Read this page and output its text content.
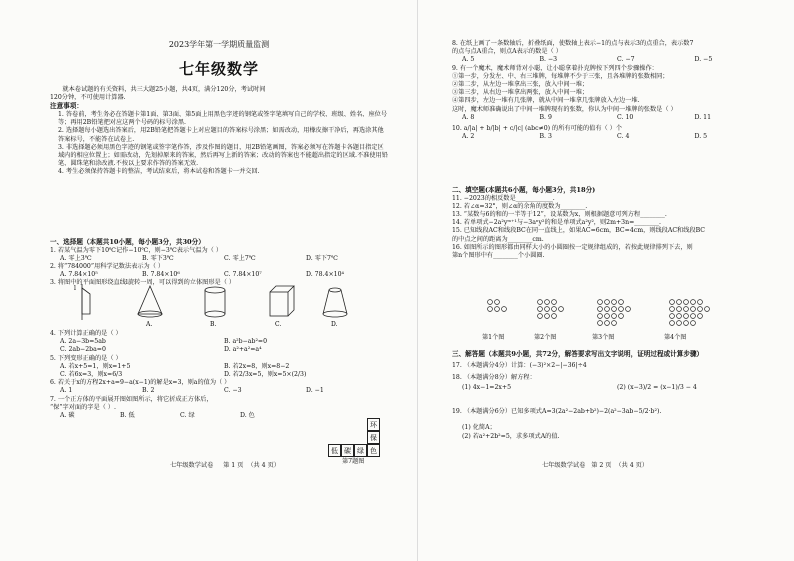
2023学年第一学期质量监测
七年级数学
就本卷试题的有关资料，共三大题25小题，共4页，满分120分，考试时间
120分钟，不可使用计算器.
注意事项：
1. 答卷前，考生务必在答题卡第1面、第3面、第5面上用黑色字迹的钢笔或签字笔填写自己的学校、班级、姓名、座位号等；再用2B铅笔把对应这两个号码的标号涂黑.
2. 选择题每小题选出答案后，用2B铅笔把答题卡上对应题目的答案标号涂黑；如需改动，用橡皮擦干净后，再选涂其他答案标号，不能答在试卷上.
3. 非选择题必须用黑色字迹的钢笔或签字笔作答，涉及作图的题目，用2B铅笔画图，答案必须写在答题卡各题目指定区域内的相应位置上；如需改动，先划掉原来的答案，然后再写上新的答案；改动的答案也不能超出指定的区域.不准使用铅笔、圆珠笔和涂改液.不按以上要求作答的答案无效.
4. 考生必须保持答题卡的整洁，考试结束后，将本试卷和答题卡一并交回.
一、选择题（本题共10小题，每小题3分，共30分）
1. 若某气温为零下10℃记作−10℃，则−3℃表示气温为（ ）
A. 零上3℃	B. 零下3℃	C. 零上7℃	D. 零下7℃
2. 将“784000”用科学记数法表示为（ ）
A. 7.84×10⁵	B. 7.84×10⁶	C. 7.84×10⁷	D. 78.4×10⁴
3. 将图中的平面图形绕直线l旋转一周，可以得到的立体图形是（ ）
l
A.	B.	C.	D.
4. 下列计算正确的是（ ）
A. 2a−3b=5ab	B. a²b−ab²=0
C. 2ab−2ba=0	D. a²+a²=a⁴
5. 下列变形正确的是（ ）
A. 若x+5=1，则x=1+5	B. 若2x=8，则x=8−2
C. 若6x=3，则x=6/3	D. 若2/3x=5，则x=5×(2/3)
6. 若关于x的方程2x+a=9−a(x−1)的解是x=3，则a的值为（ ）
A. 1	B. 2	C. −3	D. −1
7. 一个正方体的平面展开图如图所示，将它折成正方体后，
“保”字对面的字是（ ）.
A. 碳	B. 低	C. 绿	D. 色
环
保
低 碳 绿 色
第7题图
七年级数学试卷 第 1 页 （共 4 页）
8. 在纸上画了一条数轴后，折叠纸面，使数轴上表示−1的点与表示3的点重合，表示数7
的点与点A重合，则点A表示的数是（ ）
A. 5	B. −3	C. −7	D. −5
9. 有一个魔术，魔术师背对小聪，让小聪拿着扑克牌按下列四个步骤操作：
①第一步，分发左、中、右三堆牌，每堆牌不少于三张，且各堆牌的张数相同；
②第二步，从左边一堆拿出三张，放入中间一堆；
③第三步，从右边一堆拿出两张，放入中间一堆；
④第四步，左边一堆有几张牌，就从中间一堆拿几张牌放入左边一堆.
这时，魔术师准确说出了中间一堆牌现有的张数，你认为中间一堆牌的张数是（ ）
A. 8	B. 9	C. 10	D. 11
10. a/|a| + b/|b| + c/|c| (abc≠0) 的所有可能的值有（ ）个
A. 2	B. 3	C. 4	D. 5
二、填空题(本题共6小题，每小题3分，共18分)
11. −2023的相反数是____________.
12. 若∠α=32°，则∠α的余角的度数为________.
13. “某数与6的和的一半等于12”，设某数为x，则根据题意可列方程________.
14. 若单项式−2a²yᵐ⁺¹与−3aⁿy²的和是单项式a²y²，则2m+3n=________.
15. 已知线段AC和线段BC在同一直线上，如果AC=6cm，BC=4cm，则线段AC和线段BC
的中点之间的距离为________cm.
16. 如图所示的图形都由同样大小的小圆圈按一定规律组成的，若按此规律排列下去，则
第n个图形中有________个小圆圈.
第1个图	第2个图	第3个图	第4个图
三、解答题（本题共9小题，共72分，解答要求写出文字说明，证明过程或计算步骤）
17. （本题满分4分）计算：(−3)²×2−|−36|÷4
18. （本题满分8分）解方程：
(1) 4x−1=2x+5	(2) (x−3)/2 = (x−1)/3 − 4
19. （本题满分6分）已知多项式A=3(2a²−2ab+b²)−2(a²−3ab−5/2·b²).
(1) 化简A；
(2) 若a²+2b²=5，求多项式A的值.
七年级数学试卷 第 2 页 （共 4 页）
